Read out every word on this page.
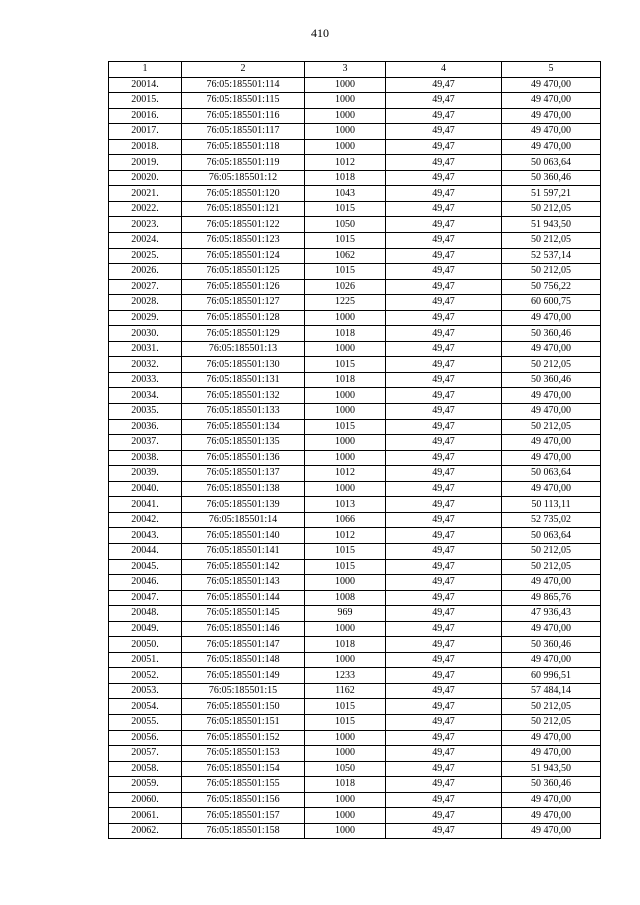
410
1	2	3	4	5
20014.	76:05:185501:114	1000	49,47	49 470,00
20015.	76:05:185501:115	1000	49,47	49 470,00
20016.	76:05:185501:116	1000	49,47	49 470,00
20017.	76:05:185501:117	1000	49,47	49 470,00
20018.	76:05:185501:118	1000	49,47	49 470,00
20019.	76:05:185501:119	1012	49,47	50 063,64
20020.	76:05:185501:12	1018	49,47	50 360,46
20021.	76:05:185501:120	1043	49,47	51 597,21
20022.	76:05:185501:121	1015	49,47	50 212,05
20023.	76:05:185501:122	1050	49,47	51 943,50
20024.	76:05:185501:123	1015	49,47	50 212,05
20025.	76:05:185501:124	1062	49,47	52 537,14
20026.	76:05:185501:125	1015	49,47	50 212,05
20027.	76:05:185501:126	1026	49,47	50 756,22
20028.	76:05:185501:127	1225	49,47	60 600,75
20029.	76:05:185501:128	1000	49,47	49 470,00
20030.	76:05:185501:129	1018	49,47	50 360,46
20031.	76:05:185501:13	1000	49,47	49 470,00
20032.	76:05:185501:130	1015	49,47	50 212,05
20033.	76:05:185501:131	1018	49,47	50 360,46
20034.	76:05:185501:132	1000	49,47	49 470,00
20035.	76:05:185501:133	1000	49,47	49 470,00
20036.	76:05:185501:134	1015	49,47	50 212,05
20037.	76:05:185501:135	1000	49,47	49 470,00
20038.	76:05:185501:136	1000	49,47	49 470,00
20039.	76:05:185501:137	1012	49,47	50 063,64
20040.	76:05:185501:138	1000	49,47	49 470,00
20041.	76:05:185501:139	1013	49,47	50 113,11
20042.	76:05:185501:14	1066	49,47	52 735,02
20043.	76:05:185501:140	1012	49,47	50 063,64
20044.	76:05:185501:141	1015	49,47	50 212,05
20045.	76:05:185501:142	1015	49,47	50 212,05
20046.	76:05:185501:143	1000	49,47	49 470,00
20047.	76:05:185501:144	1008	49,47	49 865,76
20048.	76:05:185501:145	969	49,47	47 936,43
20049.	76:05:185501:146	1000	49,47	49 470,00
20050.	76:05:185501:147	1018	49,47	50 360,46
20051.	76:05:185501:148	1000	49,47	49 470,00
20052.	76:05:185501:149	1233	49,47	60 996,51
20053.	76:05:185501:15	1162	49,47	57 484,14
20054.	76:05:185501:150	1015	49,47	50 212,05
20055.	76:05:185501:151	1015	49,47	50 212,05
20056.	76:05:185501:152	1000	49,47	49 470,00
20057.	76:05:185501:153	1000	49,47	49 470,00
20058.	76:05:185501:154	1050	49,47	51 943,50
20059.	76:05:185501:155	1018	49,47	50 360,46
20060.	76:05:185501:156	1000	49,47	49 470,00
20061.	76:05:185501:157	1000	49,47	49 470,00
20062.	76:05:185501:158	1000	49,47	49 470,00
